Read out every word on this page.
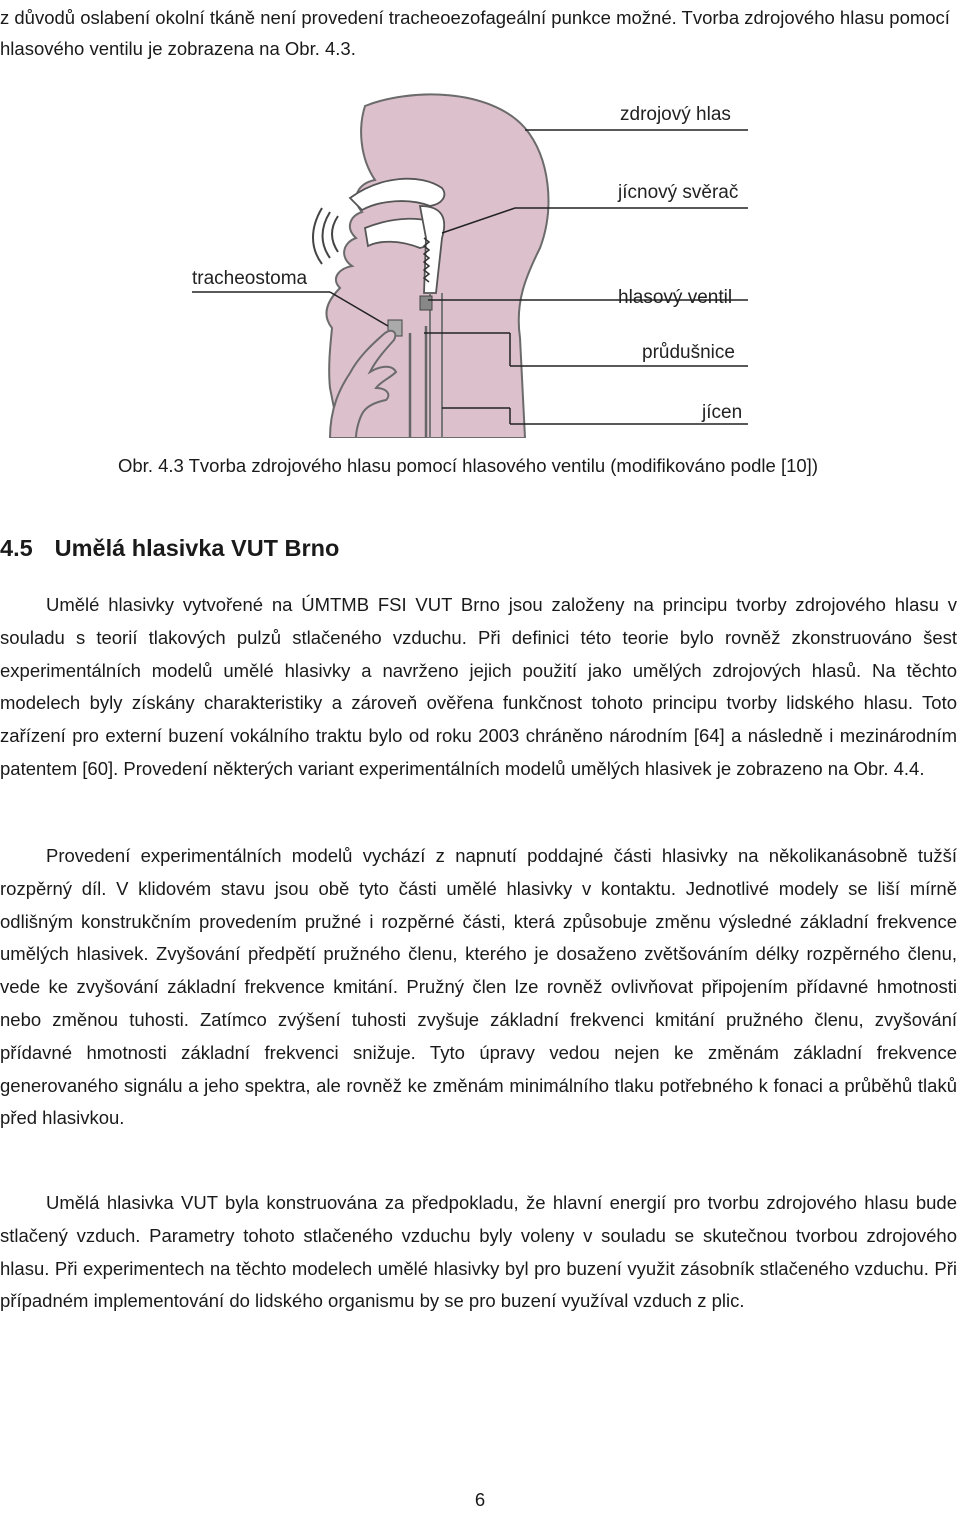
z důvodů oslabení okolní tkáně není provedení tracheoezofageální punkce možné. Tvorba zdrojového hlasu pomocí hlasového ventilu je zobrazena na Obr. 4.3.

zdrojový hlas
jícnový svěrač
tracheostoma
hlasový ventil
průdušnice
jícen

Obr. 4.3 Tvorba zdrojového hlasu pomocí hlasového ventilu (modifikováno podle [10])

4.5 Umělá hlasivka VUT Brno

Umělé hlasivky vytvořené na ÚMTMB FSI VUT Brno jsou založeny na principu tvorby zdrojového hlasu v souladu s teorií tlakových pulzů stlačeného vzduchu. Při definici této teorie bylo rovněž zkonstruováno šest experimentálních modelů umělé hlasivky a navrženo jejich použití jako umělých zdrojových hlasů. Na těchto modelech byly získány charakteristiky a zároveň ověřena funkčnost tohoto principu tvorby lidského hlasu. Toto zařízení pro externí buzení vokálního traktu bylo od roku 2003 chráněno národním [64] a následně i mezinárodním patentem [60]. Provedení některých variant experimentálních modelů umělých hlasivek je zobrazeno na Obr. 4.4.

Provedení experimentálních modelů vychází z napnutí poddajné části hlasivky na několikanásobně tužší rozpěrný díl. V klidovém stavu jsou obě tyto části umělé hlasivky v kontaktu. Jednotlivé modely se liší mírně odlišným konstrukčním provedením pružné i rozpěrné části, která způsobuje změnu výsledné základní frekvence umělých hlasivek. Zvyšování předpětí pružného členu, kterého je dosaženo zvětšováním délky rozpěrného členu, vede ke zvyšování základní frekvence kmitání. Pružný člen lze rovněž ovlivňovat připojením přídavné hmotnosti nebo změnou tuhosti. Zatímco zvýšení tuhosti zvyšuje základní frekvenci kmitání pružného členu, zvyšování přídavné hmotnosti základní frekvenci snižuje. Tyto úpravy vedou nejen ke změnám základní frekvence generovaného signálu a jeho spektra, ale rovněž ke změnám minimálního tlaku potřebného k fonaci a průběhů tlaků před hlasivkou.

Umělá hlasivka VUT byla konstruována za předpokladu, že hlavní energií pro tvorbu zdrojového hlasu bude stlačený vzduch. Parametry tohoto stlačeného vzduchu byly voleny v souladu se skutečnou tvorbou zdrojového hlasu. Při experimentech na těchto modelech umělé hlasivky byl pro buzení využit zásobník stlačeného vzduchu. Při případném implementování do lidského organismu by se pro buzení využíval vzduch z plic.

6
